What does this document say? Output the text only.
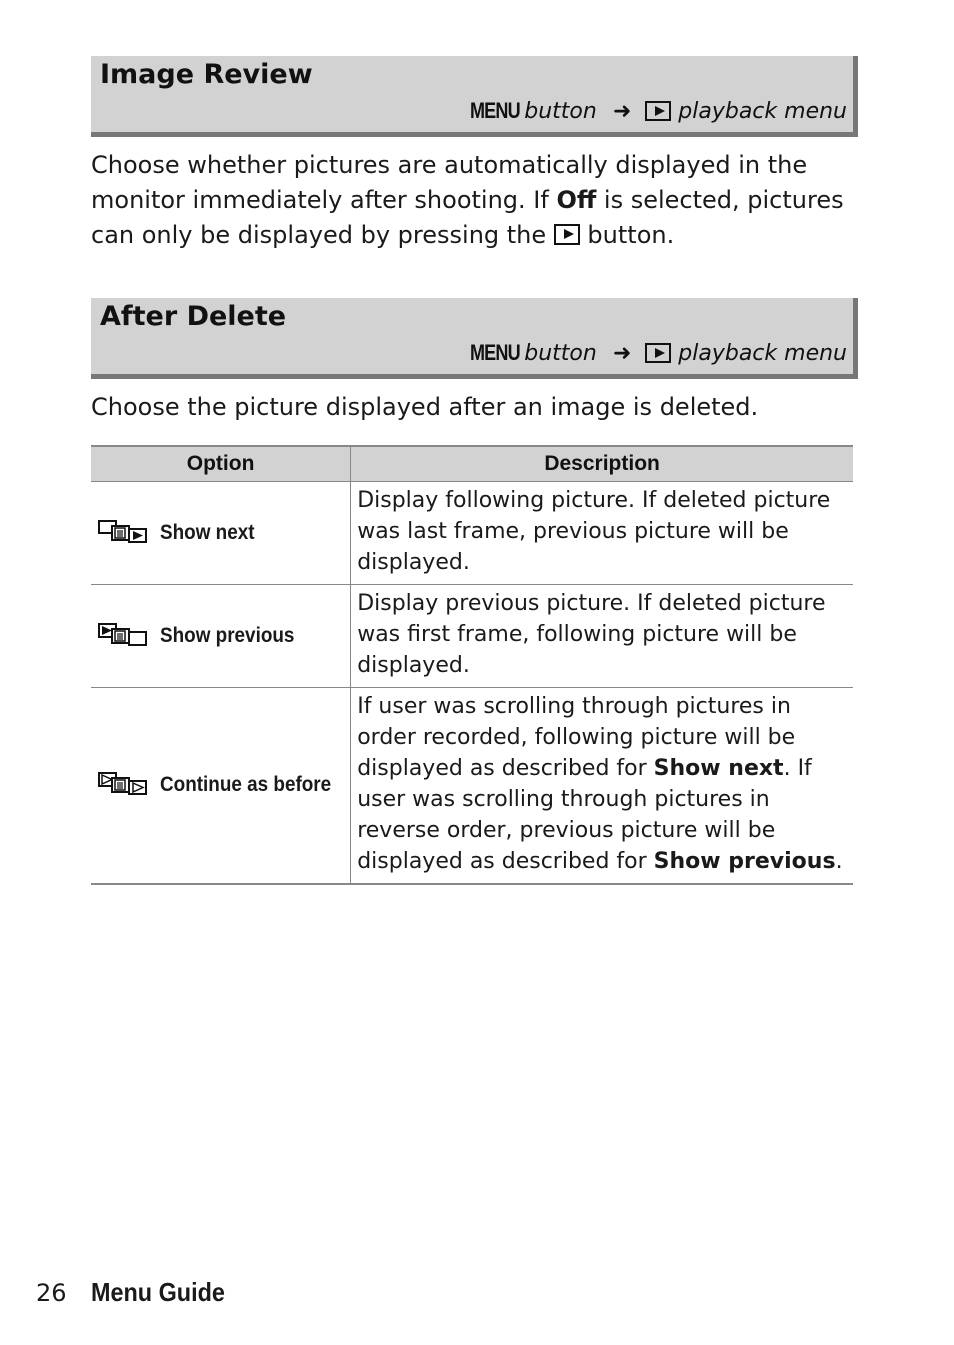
Image Review
MENU button ➜ playback menu
Choose whether pictures are automatically displayed in the monitor immediately after shooting. If Off is selected, pictures can only be displayed by pressing the  button.
After Delete
MENU button ➜ playback menu
Choose the picture displayed after an image is deleted.
Option	Description
Show next	Display following picture. If deleted picture was last frame, previous picture will be displayed.
Show previous	Display previous picture. If deleted picture was first frame, following picture will be displayed.
Continue as before	If user was scrolling through pictures in order recorded, following picture will be displayed as described for Show next. If user was scrolling through pictures in reverse order, previous picture will be displayed as described for Show previous.
26 Menu Guide
